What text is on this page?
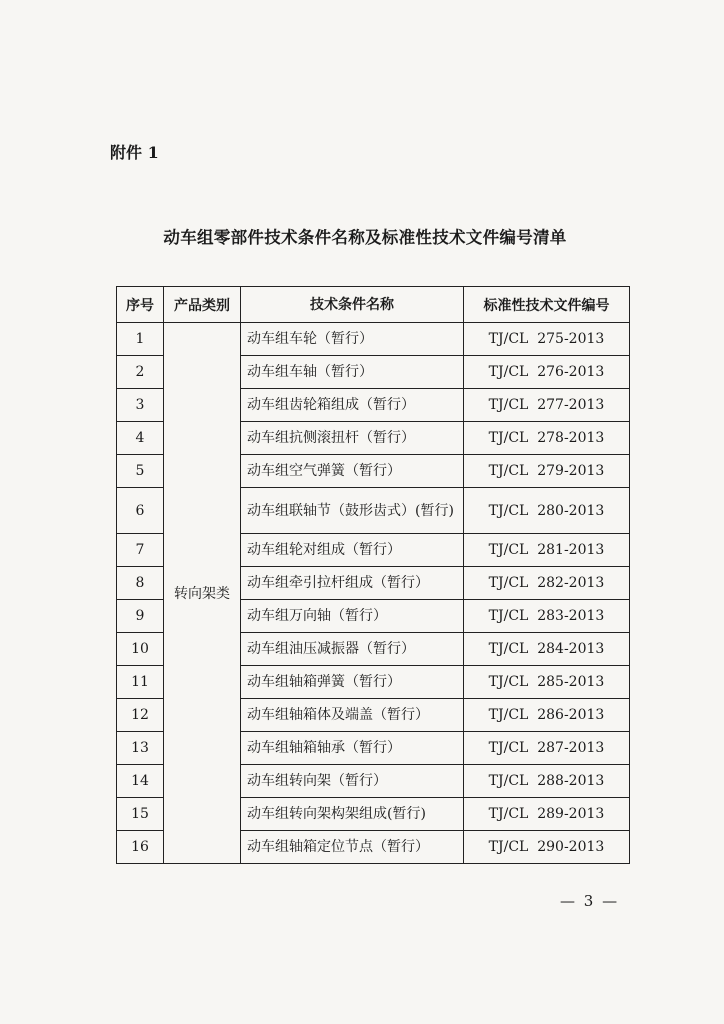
附件 1
动车组零部件技术条件名称及标准性技术文件编号清单
序号	产品类别	技术条件名称	标准性技术文件编号
1	转向架类	动车组车轮（暂行）	TJ/CL  275-2013
2		动车组车轴（暂行）	TJ/CL  276-2013
3		动车组齿轮箱组成（暂行）	TJ/CL  277-2013
4		动车组抗侧滚扭杆（暂行）	TJ/CL  278-2013
5		动车组空气弹簧（暂行）	TJ/CL  279-2013
6		动车组联轴节（鼓形齿式）(暂行)	TJ/CL  280-2013
7		动车组轮对组成（暂行）	TJ/CL  281-2013
8		动车组牵引拉杆组成（暂行）	TJ/CL  282-2013
9		动车组万向轴（暂行）	TJ/CL  283-2013
10		动车组油压减振器（暂行）	TJ/CL  284-2013
11		动车组轴箱弹簧（暂行）	TJ/CL  285-2013
12		动车组轴箱体及端盖（暂行）	TJ/CL  286-2013
13		动车组轴箱轴承（暂行）	TJ/CL  287-2013
14		动车组转向架（暂行）	TJ/CL  288-2013
15		动车组转向架构架组成(暂行)	TJ/CL  289-2013
16		动车组轴箱定位节点（暂行）	TJ/CL  290-2013
— 3 —
